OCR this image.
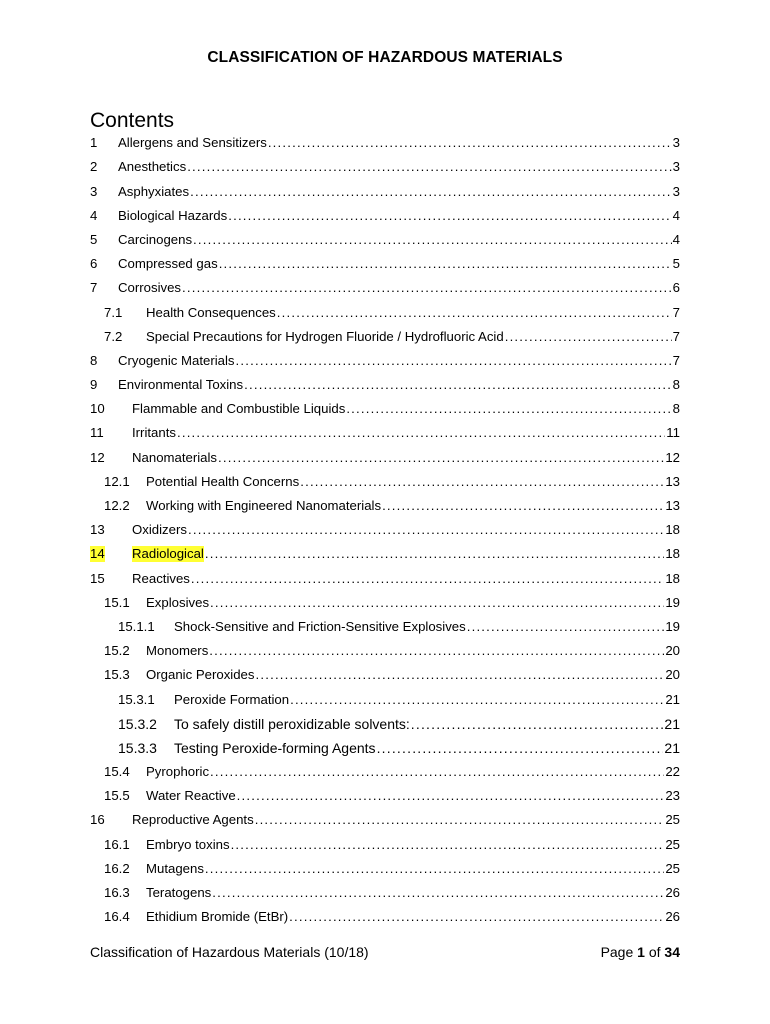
CLASSIFICATION OF HAZARDOUS MATERIALS
Contents
1 Allergens and Sensitizers .....	3
2 Anesthetics .....	3
3 Asphyxiates .....	3
4 Biological Hazards .....	4
5 Carcinogens .....	4
6 Compressed gas .....	5
7 Corrosives .....	6
7.1 Health Consequences .....	7
7.2 Special Precautions for Hydrogen Fluoride / Hydrofluoric Acid .....	7
8 Cryogenic Materials .....	7
9 Environmental Toxins .....	8
10 Flammable and Combustible Liquids .....	8
11 Irritants .....	11
12 Nanomaterials .....	12
12.1 Potential Health Concerns .....	13
12.2 Working with Engineered Nanomaterials .....	13
13 Oxidizers .....	18
14 Radiological .....	18
15 Reactives .....	18
15.1 Explosives .....	19
15.1.1 Shock-Sensitive and Friction-Sensitive Explosives .....	19
15.2 Monomers .....	20
15.3 Organic Peroxides .....	20
15.3.1 Peroxide Formation .....	21
15.3.2 To safely distill peroxidizable solvents: .....	21
15.3.3 Testing Peroxide-forming Agents .....	21
15.4 Pyrophoric .....	22
15.5 Water Reactive .....	23
16 Reproductive Agents .....	25
16.1 Embryo toxins .....	25
16.2 Mutagens .....	25
16.3 Teratogens .....	26
16.4 Ethidium Bromide (EtBr) .....	26
Classification of Hazardous Materials (10/18)	Page 1 of 34
